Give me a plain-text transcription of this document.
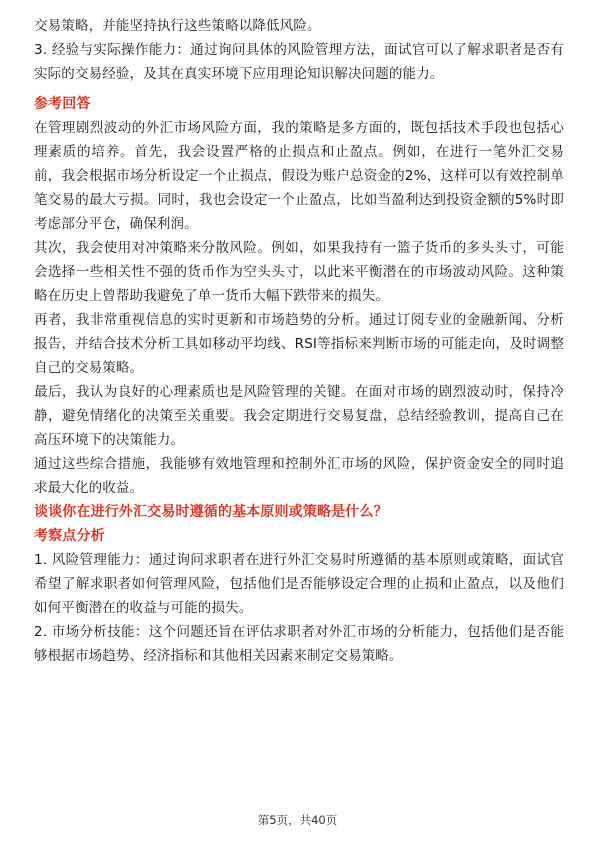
交易策略，并能坚持执行这些策略以降低风险。

3. 经验与实际操作能力：通过询问具体的风险管理方法，面试官可以了解求职者是否有实际的交易经验，及其在真实环境下应用理论知识解决问题的能力。

参考回答

在管理剧烈波动的外汇市场风险方面，我的策略是多方面的，既包括技术手段也包括心理素质的培养。首先，我会设置严格的止损点和止盈点。例如，在进行一笔外汇交易前，我会根据市场分析设定一个止损点，假设为账户总资金的2%，这样可以有效控制单笔交易的最大亏损。同时，我也会设定一个止盈点，比如当盈利达到投资金额的5%时即考虑部分平仓，确保利润。

其次，我会使用对冲策略来分散风险。例如，如果我持有一篮子货币的多头头寸，可能会选择一些相关性不强的货币作为空头头寸，以此来平衡潜在的市场波动风险。这种策略在历史上曾帮助我避免了单一货币大幅下跌带来的损失。

再者，我非常重视信息的实时更新和市场趋势的分析。通过订阅专业的金融新闻、分析报告，并结合技术分析工具如移动平均线、RSI等指标来判断市场的可能走向，及时调整自己的交易策略。

最后，我认为良好的心理素质也是风险管理的关键。在面对市场的剧烈波动时，保持冷静，避免情绪化的决策至关重要。我会定期进行交易复盘，总结经验教训，提高自己在高压环境下的决策能力。

通过这些综合措施，我能够有效地管理和控制外汇市场的风险，保护资金安全的同时追求最大化的收益。

谈谈你在进行外汇交易时遵循的基本原则或策略是什么？

考察点分析

1. 风险管理能力：通过询问求职者在进行外汇交易时所遵循的基本原则或策略，面试官希望了解求职者如何管理风险，包括他们是否能够设定合理的止损和止盈点，以及他们如何平衡潜在的收益与可能的损失。

2. 市场分析技能：这个问题还旨在评估求职者对外汇市场的分析能力，包括他们是否能够根据市场趋势、经济指标和其他相关因素来制定交易策略。

第5页，共40页
